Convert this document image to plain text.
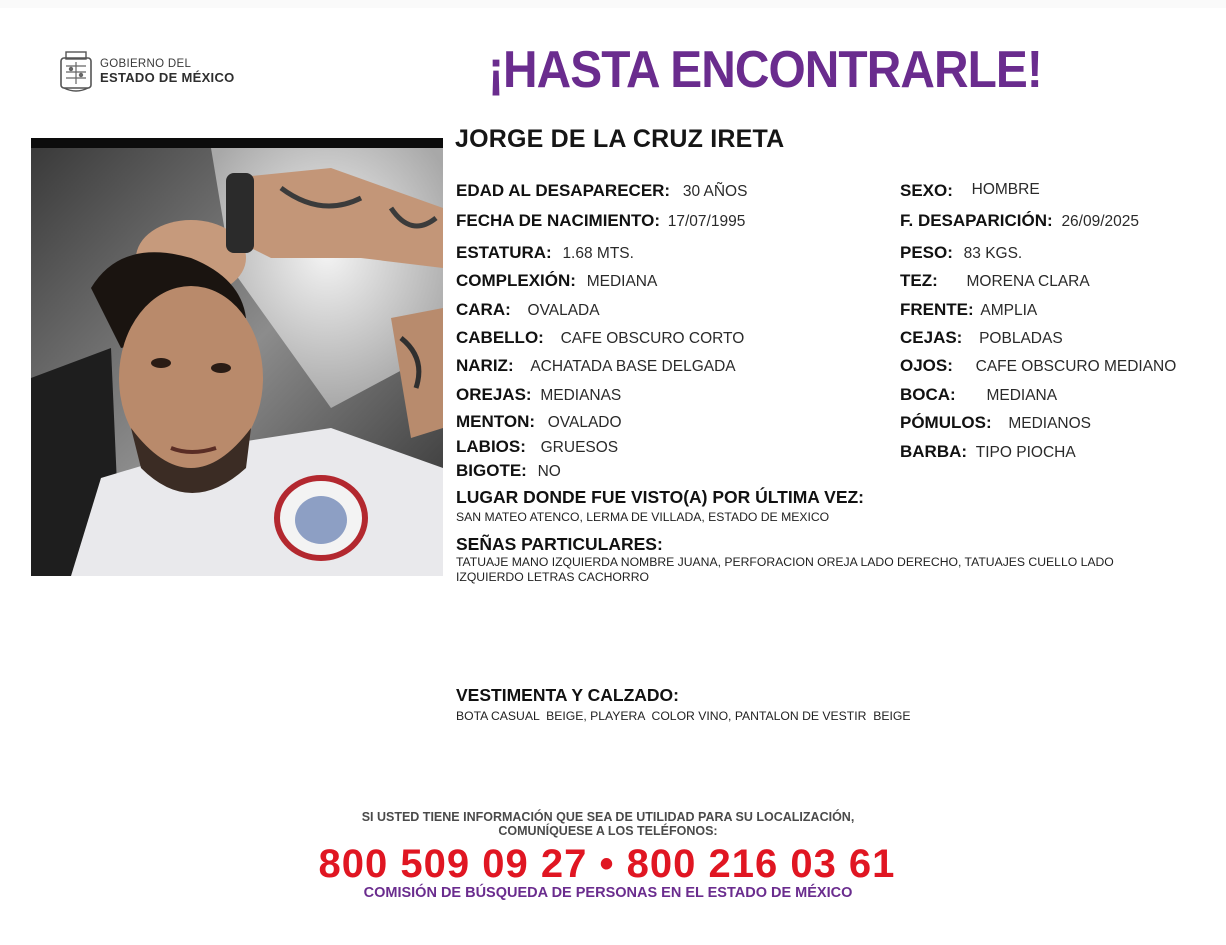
GOBIERNO DEL
ESTADO DE MÉXICO	¡HASTA ENCONTRARLE!
JORGE DE LA CRUZ IRETA
EDAD AL DESAPARECER: 30 AÑOS
FECHA DE NACIMIENTO: 17/07/1995
ESTATURA: 1.68 MTS.
COMPLEXIÓN: MEDIANA
CARA: OVALADA
CABELLO: CAFE OBSCURO CORTO
NARIZ: ACHATADA BASE DELGADA
OREJAS: MEDIANAS
MENTON: OVALADO
LABIOS: GRUESOS
BIGOTE: NO
SEXO: HOMBRE
F. DESAPARICIÓN: 26/09/2025
PESO: 83 KGS.
TEZ: MORENA CLARA
FRENTE: AMPLIA
CEJAS: POBLADAS
OJOS: CAFE OBSCURO MEDIANO
BOCA: MEDIANA
PÓMULOS: MEDIANOS
BARBA: TIPO PIOCHA
LUGAR DONDE FUE VISTO(A) POR ÚLTIMA VEZ:
SAN MATEO ATENCO, LERMA DE VILLADA, ESTADO DE MEXICO
SEÑAS PARTICULARES:
TATUAJE MANO IZQUIERDA NOMBRE JUANA, PERFORACION OREJA LADO DERECHO, TATUAJES CUELLO LADO
IZQUIERDO LETRAS CACHORRO
VESTIMENTA Y CALZADO:
BOTA CASUAL  BEIGE, PLAYERA  COLOR VINO, PANTALON DE VESTIR  BEIGE
SI USTED TIENE INFORMACIÓN QUE SEA DE UTILIDAD PARA SU LOCALIZACIÓN,
COMUNÍQUESE A LOS TELÉFONOS:
800 509 09 27 • 800 216 03 61
COMISIÓN DE BÚSQUEDA DE PERSONAS EN EL ESTADO DE MÉXICO
